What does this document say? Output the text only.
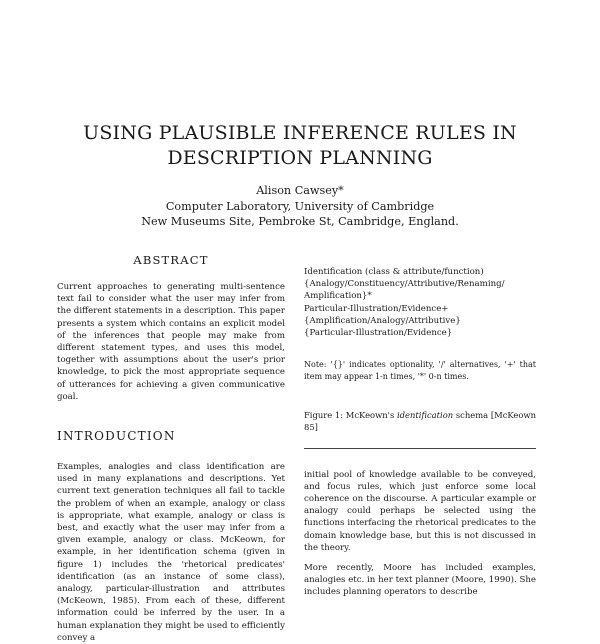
USING PLAUSIBLE INFERENCE RULES IN
DESCRIPTION PLANNING
Alison Cawsey*
Computer Laboratory, University of Cambridge
New Museums Site, Pembroke St, Cambridge, England.
ABSTRACT

Current approaches to generating multi-sentence text fail to consider what the user may infer from the different statements in a description. This paper presents a system which contains an explicit model of the inferences that people may make from different statement types, and uses this model, together with assumptions about the user's prior knowledge, to pick the most appropriate sequence of utterances for achieving a given communicative goal.

INTRODUCTION

Examples, analogies and class identification are used in many explanations and descriptions. Yet current text generation techniques all fail to tackle the problem of when an example, analogy or class is appropriate, what example, analogy or class is best, and exactly what the user may infer from a given example, analogy or class. McKeown, for example, in her identification schema (given in figure 1) includes the 'rhetorical predicates' identification (as an instance of some class), analogy, particular-illustration and attributes (McKeown, 1985). From each of these, different information could be inferred by the user. In a human explanation they might be used to efficiently convey a

Identification (class & attribute/function)
{Analogy/Constituency/Attributive/Renaming/
Amplification}*
Particular-Illustration/Evidence+
{Amplification/Analogy/Attributive}
{Particular-Illustration/Evidence}

Note: '{}' indicates optionality, '/' alternatives, '+' that item may appear 1-n times, '*' 0-n times.

Figure 1: McKeown's identification schema [McKeown 85]

initial pool of knowledge available to be conveyed, and focus rules, which just enforce some local coherence on the discourse. A particular example or analogy could perhaps be selected using the functions interfacing the rhetorical predicates to the domain knowledge base, but this is not discussed in the theory.

More recently, Moore has included examples, analogies etc. in her text planner (Moore, 1990). She includes planning operators to describe
